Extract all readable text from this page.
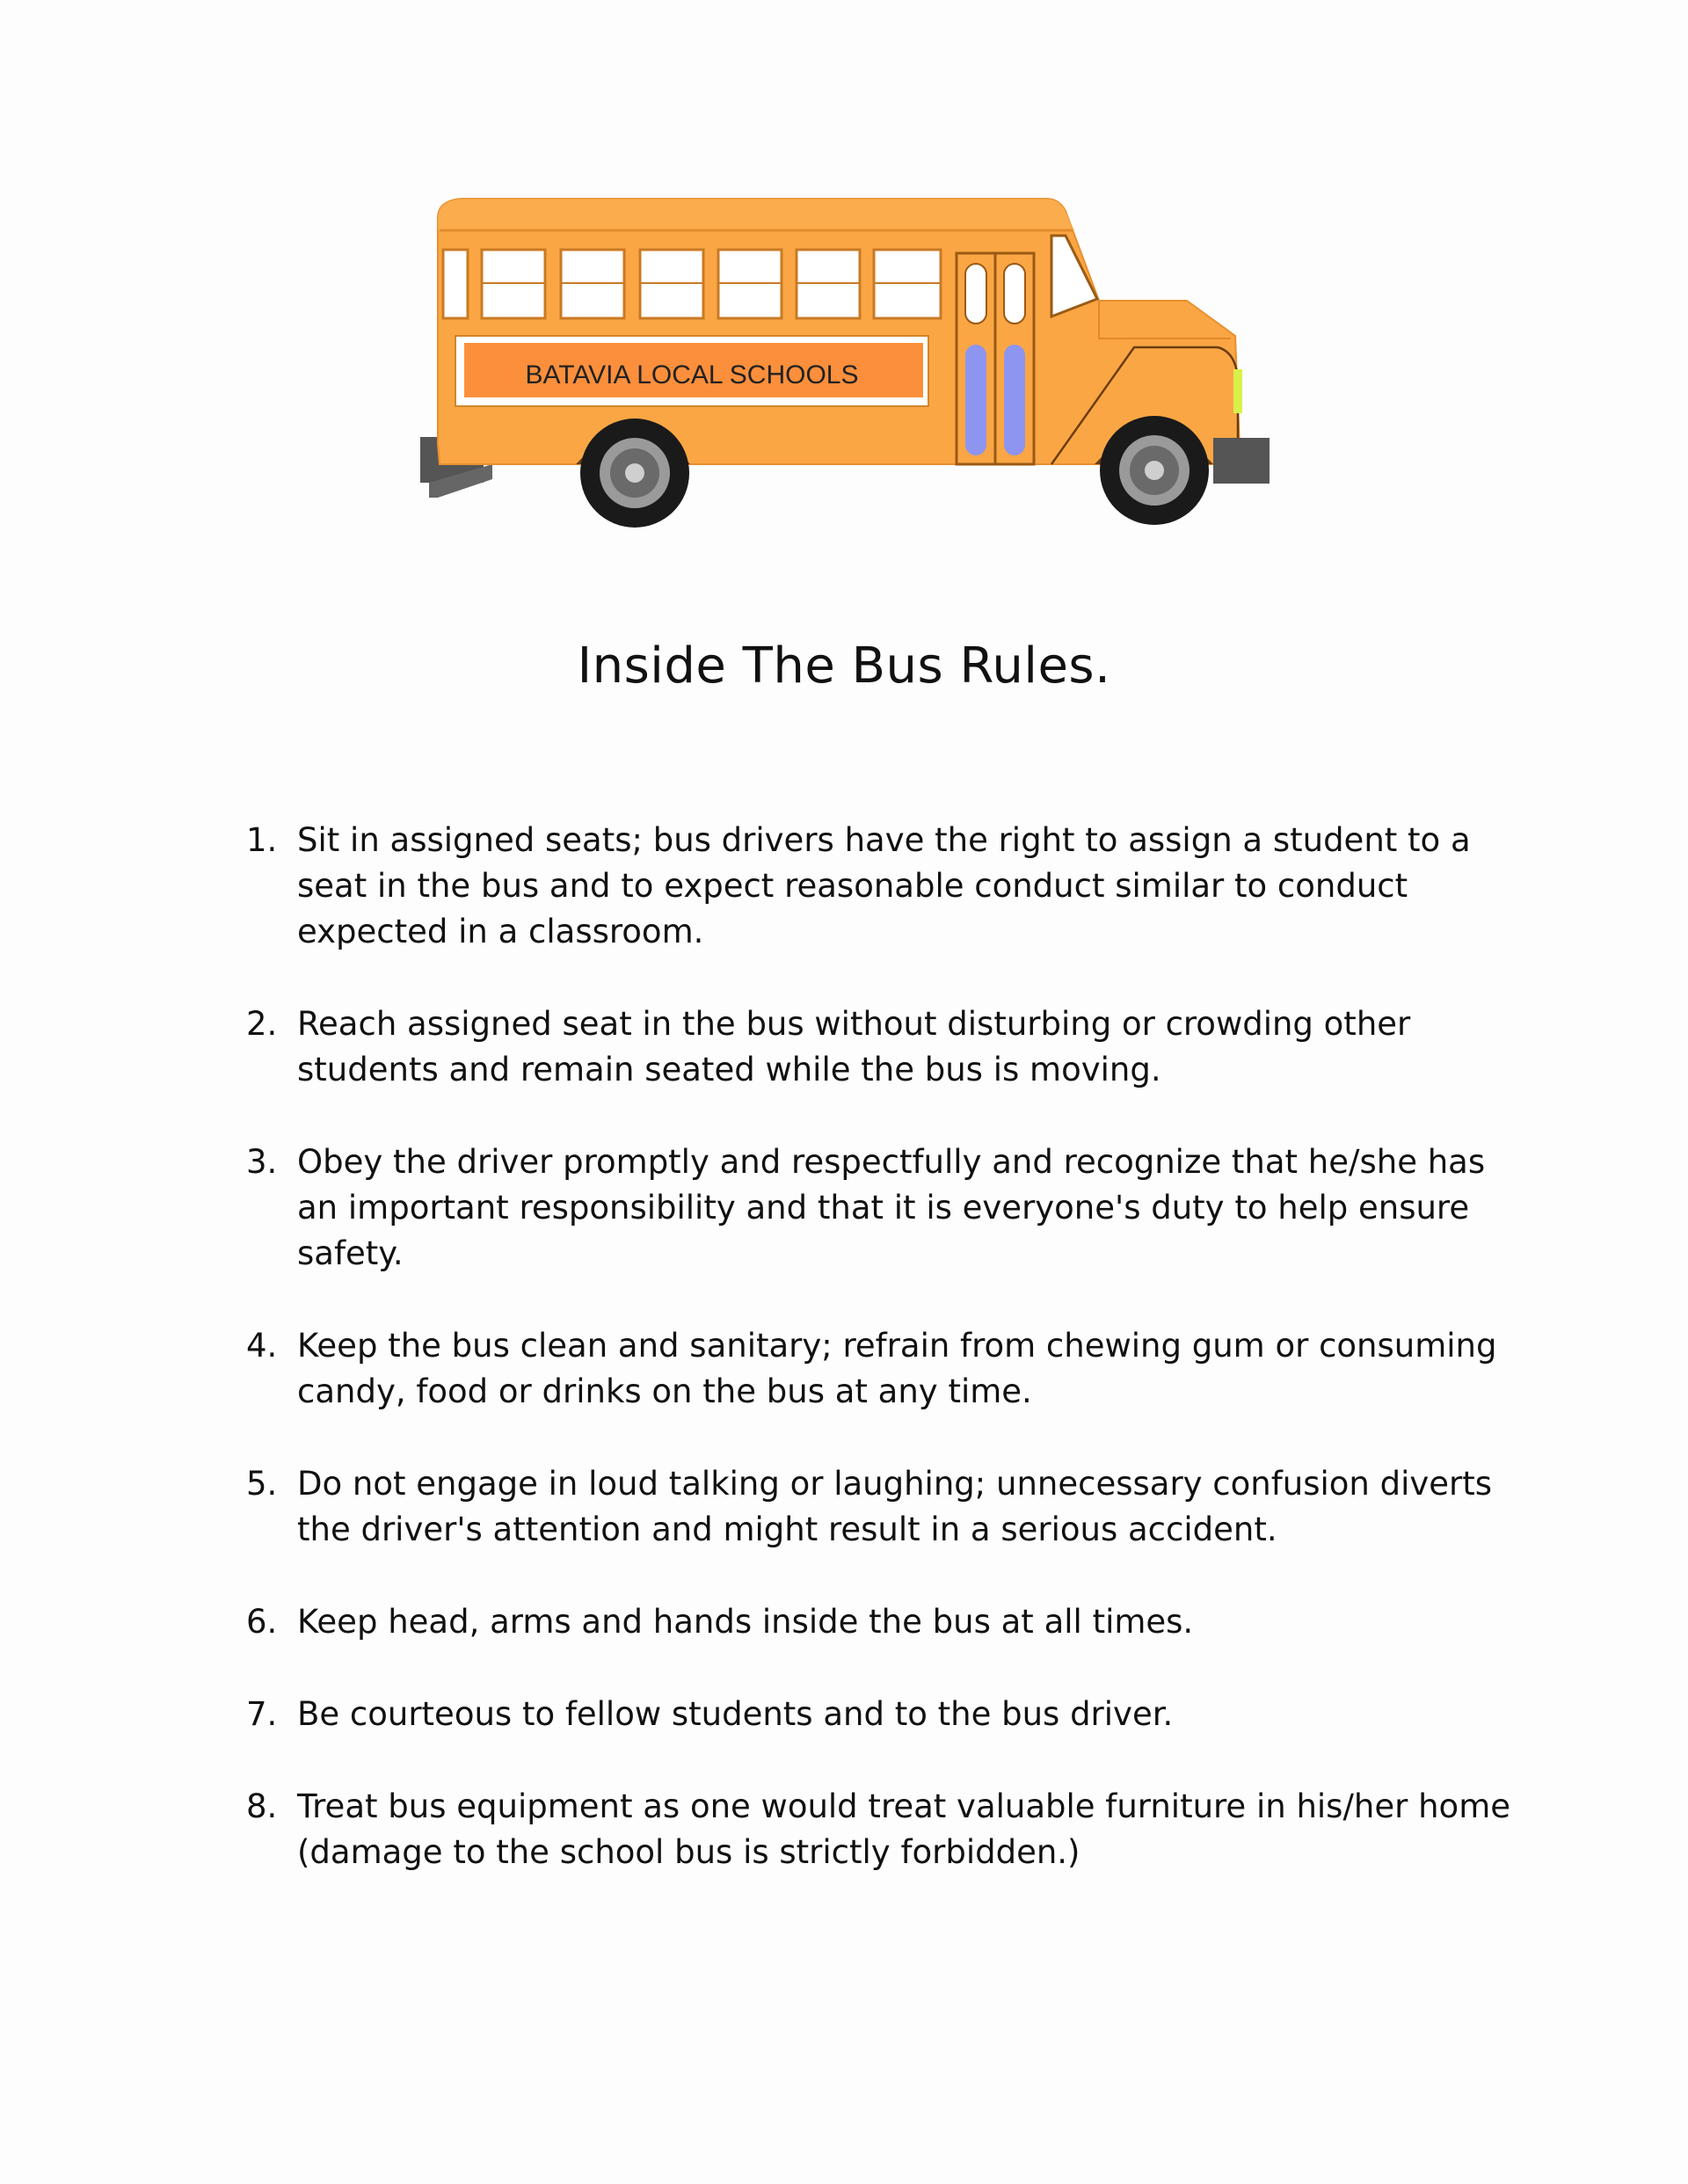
BATAVIA LOCAL SCHOOLS
Inside The Bus Rules.
1. Sit in assigned seats; bus drivers have the right to assign a student to a seat in the bus and to expect reasonable conduct similar to conduct expected in a classroom.
2. Reach assigned seat in the bus without disturbing or crowding other students and remain seated while the bus is moving.
3. Obey the driver promptly and respectfully and recognize that he/she has an important responsibility and that it is everyone's duty to help ensure safety.
4. Keep the bus clean and sanitary; refrain from chewing gum or consuming candy, food or drinks on the bus at any time.
5. Do not engage in loud talking or laughing; unnecessary confusion diverts the driver's attention and might result in a serious accident.
6. Keep head, arms and hands inside the bus at all times.
7. Be courteous to fellow students and to the bus driver.
8. Treat bus equipment as one would treat valuable furniture in his/her home (damage to the school bus is strictly forbidden.)
